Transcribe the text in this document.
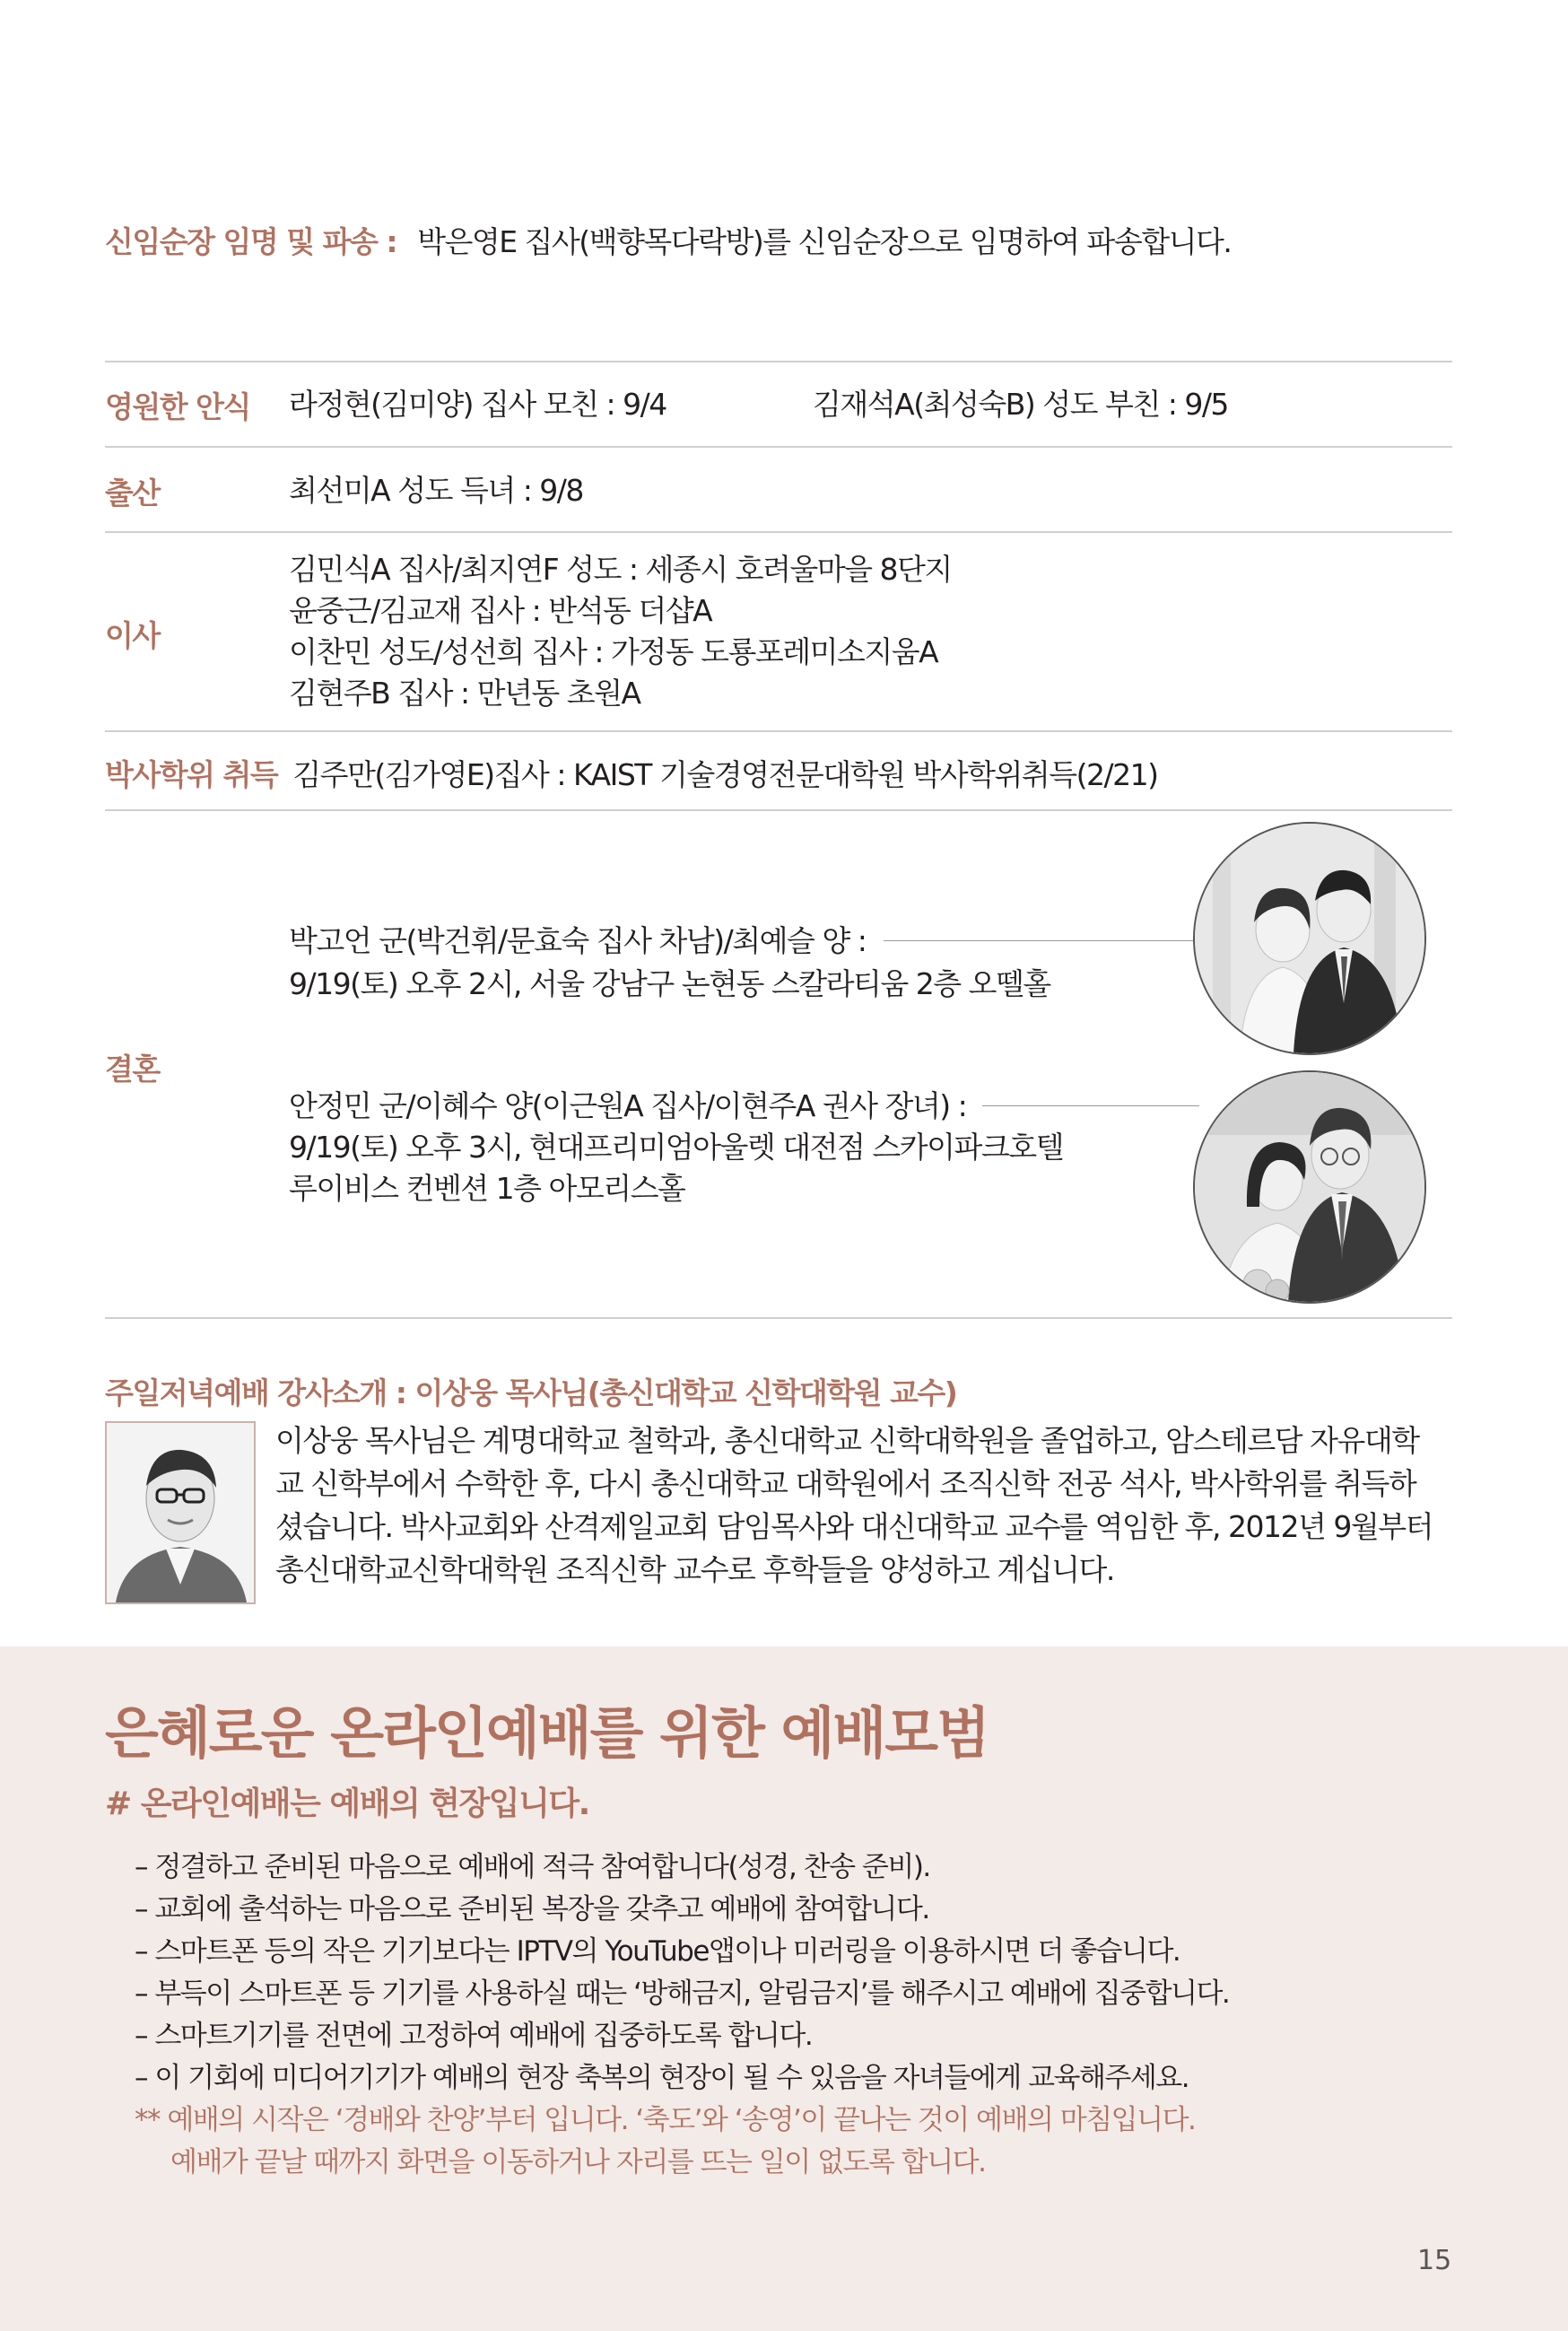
신임순장 임명 및 파송 : 박은영E 집사(백향목다락방)를 신임순장으로 임명하여 파송합니다.
영원한 안식 라정현(김미양) 집사 모친 : 9/4	김재석A(최성숙B) 성도 부친 : 9/5
출산	최선미A 성도 득녀 : 9/8
이사
김민식A 집사/최지연F 성도 : 세종시 호려울마을 8단지
윤중근/김교재 집사 : 반석동 더샵A
이찬민 성도/성선희 집사 : 가정동 도룡포레미소지움A
김현주B 집사 : 만년동 초원A
박사학위 취득 김주만(김가영E)집사 : KAIST 기술경영전문대학원 박사학위취득(2/21)
결혼
박고언 군(박건휘/문효숙 집사 차남)/최예슬 양 :
9/19(토) 오후 2시, 서울 강남구 논현동 스칼라티움 2층 오뗄홀
안정민 군/이혜수 양(이근원A 집사/이현주A 권사 장녀) :
9/19(토) 오후 3시, 현대프리미엄아울렛 대전점 스카이파크호텔
루이비스 컨벤션 1층 아모리스홀
주일저녁예배 강사소개 : 이상웅 목사님(총신대학교 신학대학원 교수)
이상웅 목사님은 계명대학교 철학과, 총신대학교 신학대학원을 졸업하고, 암스테르담 자유대학
교 신학부에서 수학한 후, 다시 총신대학교 대학원에서 조직신학 전공 석사, 박사학위를 취득하
셨습니다. 박사교회와 산격제일교회 담임목사와 대신대학교 교수를 역임한 후, 2012년 9월부터
총신대학교신학대학원 조직신학 교수로 후학들을 양성하고 계십니다.
은혜로운 온라인예배를 위한 예배모범
# 온라인예배는 예배의 현장입니다.
– 정결하고 준비된 마음으로 예배에 적극 참여합니다(성경, 찬송 준비).
– 교회에 출석하는 마음으로 준비된 복장을 갖추고 예배에 참여합니다.
– 스마트폰 등의 작은 기기보다는 IPTV의 YouTube앱이나 미러링을 이용하시면 더 좋습니다.
– 부득이 스마트폰 등 기기를 사용하실 때는 ‘방해금지, 알림금지’를 해주시고 예배에 집중합니다.
– 스마트기기를 전면에 고정하여 예배에 집중하도록 합니다.
– 이 기회에 미디어기기가 예배의 현장 축복의 현장이 될 수 있음을 자녀들에게 교육해주세요.
** 예배의 시작은 ‘경배와 찬양’부터 입니다. ‘축도’와 ‘송영’이 끝나는 것이 예배의 마침입니다.
예배가 끝날 때까지 화면을 이동하거나 자리를 뜨는 일이 없도록 합니다.
15
